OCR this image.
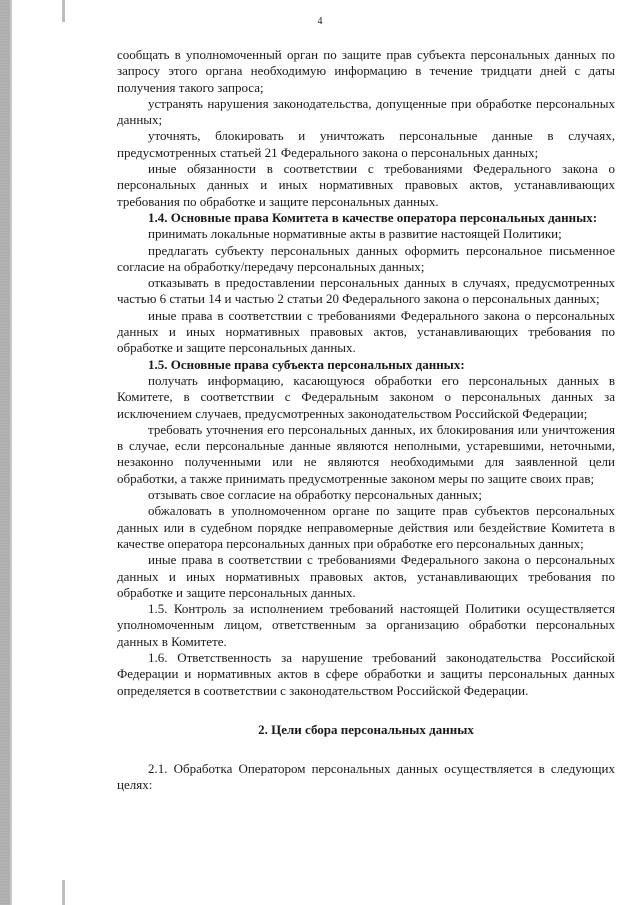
4

сообщать в уполномоченный орган по защите прав субъекта персональных данных по запросу этого органа необходимую информацию в течение тридцати дней с даты получения такого запроса;

устранять нарушения законодательства, допущенные при обработке персональных данных;

уточнять, блокировать и уничтожать персональные данные в случаях, предусмотренных статьей 21 Федерального закона о персональных данных;

иные обязанности в соответствии с требованиями Федерального закона о персональных данных и иных нормативных правовых актов, устанавливающих требования по обработке и защите персональных данных.

1.4. Основные права Комитета в качестве оператора персональных данных:

принимать локальные нормативные акты в развитие настоящей Политики;

предлагать субъекту персональных данных оформить персональное письменное согласие на обработку/передачу персональных данных;

отказывать в предоставлении персональных данных в случаях, предусмотренных частью 6 статьи 14 и частью 2 статьи 20 Федерального закона о персональных данных;

иные права в соответствии с требованиями Федерального закона о персональных данных и иных нормативных правовых актов, устанавливающих требования по обработке и защите персональных данных.

1.5. Основные права субъекта персональных данных:

получать информацию, касающуюся обработки его персональных данных в Комитете, в соответствии с Федеральным законом о персональных данных за исключением случаев, предусмотренных законодательством Российской Федерации;

требовать уточнения его персональных данных, их блокирования или уничтожения в случае, если персональные данные являются неполными, устаревшими, неточными, незаконно полученными или не являются необходимыми для заявленной цели обработки, а также принимать предусмотренные законом меры по защите своих прав;

отзывать свое согласие на обработку персональных данных;

обжаловать в уполномоченном органе по защите прав субъектов персональных данных или в судебном порядке неправомерные действия или бездействие Комитета в качестве оператора персональных данных при обработке его персональных данных;

иные права в соответствии с требованиями Федерального закона о персональных данных и иных нормативных правовых актов, устанавливающих требования по обработке и защите персональных данных.

1.5. Контроль за исполнением требований настоящей Политики осуществляется уполномоченным лицом, ответственным за организацию обработки персональных данных в Комитете.

1.6. Ответственность за нарушение требований законодательства Российской Федерации и нормативных актов в сфере обработки и защиты персональных данных определяется в соответствии с законодательством Российской Федерации.

2. Цели сбора персональных данных

2.1. Обработка Оператором персональных данных осуществляется в следующих целях:
